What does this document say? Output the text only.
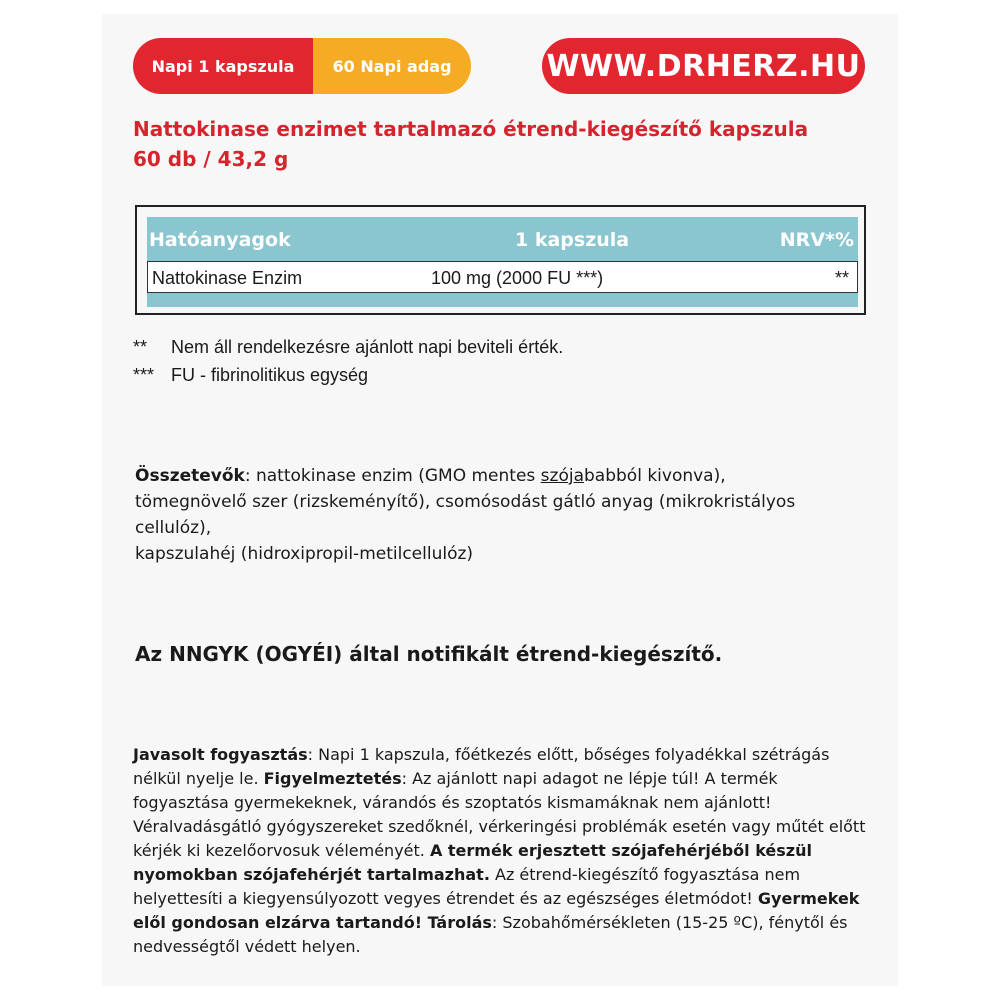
Napi 1 kapszula	60 Napi adag	WWW.DRHERZ.HU
Nattokinase enzimet tartalmazó étrend-kiegészítő kapszula
60 db / 43,2 g
Hatóanyagok	1 kapszula	NRV*%
Nattokinase Enzim	100 mg (2000 FU ***)	**
**	Nem áll rendelkezésre ajánlott napi beviteli érték.
*** FU - fibrinolitikus egység
Összetevők: nattokinase enzim (GMO mentes szójababból kivonva),
tömegnövelő szer (rizskeményítő), csomósodást gátló anyag (mikrokristályos cellulóz),
kapszulahéj (hidroxipropil-metilcellulóz)
Az NNGYK (OGYÉI) által notifikált étrend-kiegészítő.
Javasolt fogyasztás: Napi 1 kapszula, főétkezés előtt, bőséges folyadékkal szétrágás nélkül nyelje le. Figyelmeztetés: Az ajánlott napi adagot ne lépje túl! A termék fogyasztása gyermekeknek, várandós és szoptatós kismamáknak nem ajánlott! Véralvadásgátló gyógyszereket szedőknél, vérkeringési problémák esetén vagy műtét előtt kérjék ki kezelőorvosuk véleményét. A termék erjesztett szójafehérjéből készül nyomokban szójafehérjét tartalmazhat. Az étrend-kiegészítő fogyasztása nem helyettesíti a kiegyensúlyozott vegyes étrendet és az egészséges életmódot! Gyermekek elől gondosan elzárva tartandó! Tárolás: Szobahőmérsékleten (15-25 ºC), fénytől és nedvességtől védett helyen.
